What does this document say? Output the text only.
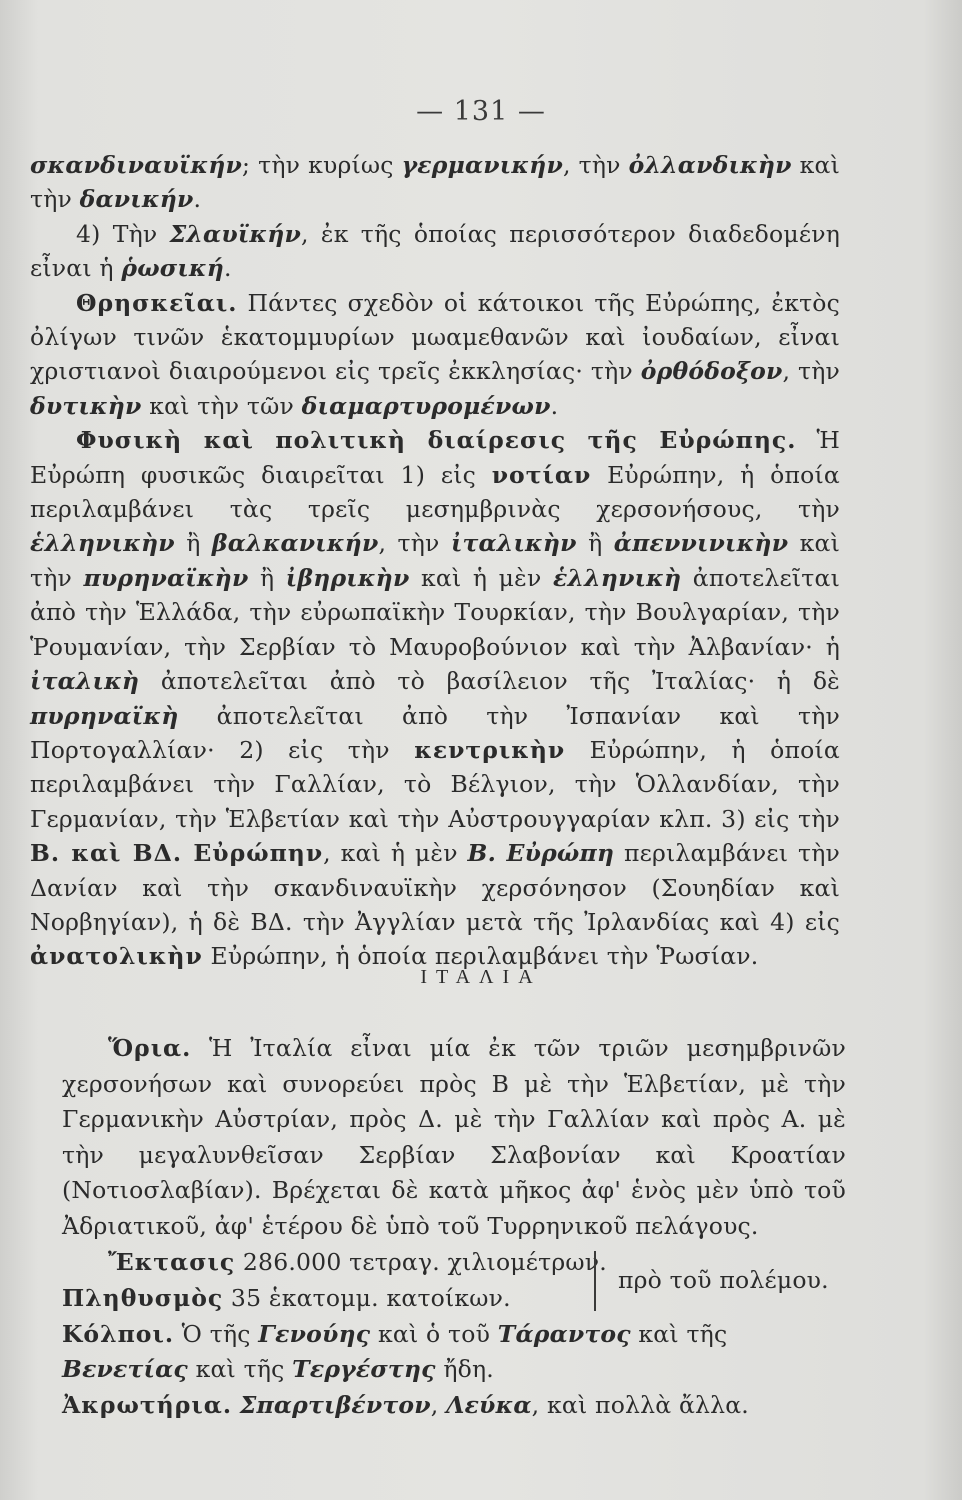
— 131 —

σκανδιναυϊκήν; τὴν κυρίως γερμανικήν, τὴν ὀλλανδικὴν καὶ τὴν δανικήν.

4) Τὴν Σλαυϊκήν, ἐκ τῆς ὁποίας περισσότερον διαδεδομένη εἶναι ἡ ῥωσική.

Θρησκεῖαι. Πάντες σχεδὸν οἱ κάτοικοι τῆς Εὐρώπης, ἐκτὸς ὀλίγων τινῶν ἑκατομμυρίων μωαμεθανῶν καὶ ἰουδαίων, εἶναι χριστιανοὶ διαιρούμενοι εἰς τρεῖς ἐκκλησίας· τὴν ὀρθόδοξον, τὴν δυτικὴν καὶ τὴν τῶν διαμαρτυρομένων.

Φυσικὴ καὶ πολιτικὴ διαίρεσις τῆς Εὐρώπης. Ἡ Εὐρώπη φυσικῶς διαιρεῖται 1) εἰς νοτίαν Εὐρώπην, ἡ ὁποία περιλαμβάνει τὰς τρεῖς μεσημβρινὰς χερσονήσους, τὴν ἑλληνικὴν ἢ βαλκανικήν, τὴν ἰταλικὴν ἢ ἀπεννινικὴν καὶ τὴν πυρηναϊκὴν ἢ ἰβηρικὴν καὶ ἡ μὲν ἑλληνικὴ ἀποτελεῖται ἀπὸ τὴν Ἑλλάδα, τὴν εὐρωπαϊκὴν Τουρκίαν, τὴν Βουλγαρίαν, τὴν Ῥουμανίαν, τὴν Σερβίαν τὸ Μαυροβούνιον καὶ τὴν Ἀλβανίαν· ἡ ἰταλικὴ ἀποτελεῖται ἀπὸ τὸ βασίλειον τῆς Ἰταλίας· ἡ δὲ πυρηναϊκὴ ἀποτελεῖται ἀπὸ τὴν Ἰσπανίαν καὶ τὴν Πορτογαλλίαν· 2) εἰς τὴν κεντρικὴν Εὐρώπην, ἡ ὁποία περιλαμβάνει τὴν Γαλλίαν, τὸ Βέλγιον, τὴν Ὁλλανδίαν, τὴν Γερμανίαν, τὴν Ἑλβετίαν καὶ τὴν Αὐστρουγγαρίαν κλπ. 3) εἰς τὴν Β. καὶ ΒΔ. Εὐρώπην, καὶ ἡ μὲν Β. Εὐρώπη περιλαμβάνει τὴν Δανίαν καὶ τὴν σκανδιναυϊκὴν χερσόνησον (Σουηδίαν καὶ Νορβηγίαν), ἡ δὲ ΒΔ. τὴν Ἀγγλίαν μετὰ τῆς Ἰρλανδίας καὶ 4) εἰς ἀνατολικὴν Εὐρώπην, ἡ ὁποία περιλαμβάνει τὴν Ῥωσίαν.

ΙΤΑΛΙΑ

Ὅρια. Ἡ Ἰταλία εἶναι μία ἐκ τῶν τριῶν μεσημβρινῶν χερσονήσων καὶ συνορεύει πρὸς Β μὲ τὴν Ἑλβετίαν, μὲ τὴν Γερμανικὴν Αὐστρίαν, πρὸς Δ. μὲ τὴν Γαλλίαν καὶ πρὸς Α. μὲ τὴν μεγαλυνθεῖσαν Σερβίαν Σλαβονίαν καὶ Κροατίαν (Νοτιοσλαβίαν). Βρέχεται δὲ κατὰ μῆκος ἀφ' ἑνὸς μὲν ὑπὸ τοῦ Ἀδριατικοῦ, ἀφ' ἑτέρου δὲ ὑπὸ τοῦ Τυρρηνικοῦ πελάγους.

Ἔκτασις 286.000 τετραγ. χιλιομέτρων.
Πληθυσμὸς 35 ἑκατομμ. κατοίκων.
πρὸ τοῦ πολέμου.

Κόλποι. Ὁ τῆς Γενούης καὶ ὁ τοῦ Τάραντος καὶ τῆς Βενετίας καὶ τῆς Τεργέστης ἤδη.

Ἀκρωτήρια. Σπαρτιβέντον, Λεύκα, καὶ πολλὰ ἄλλα.
